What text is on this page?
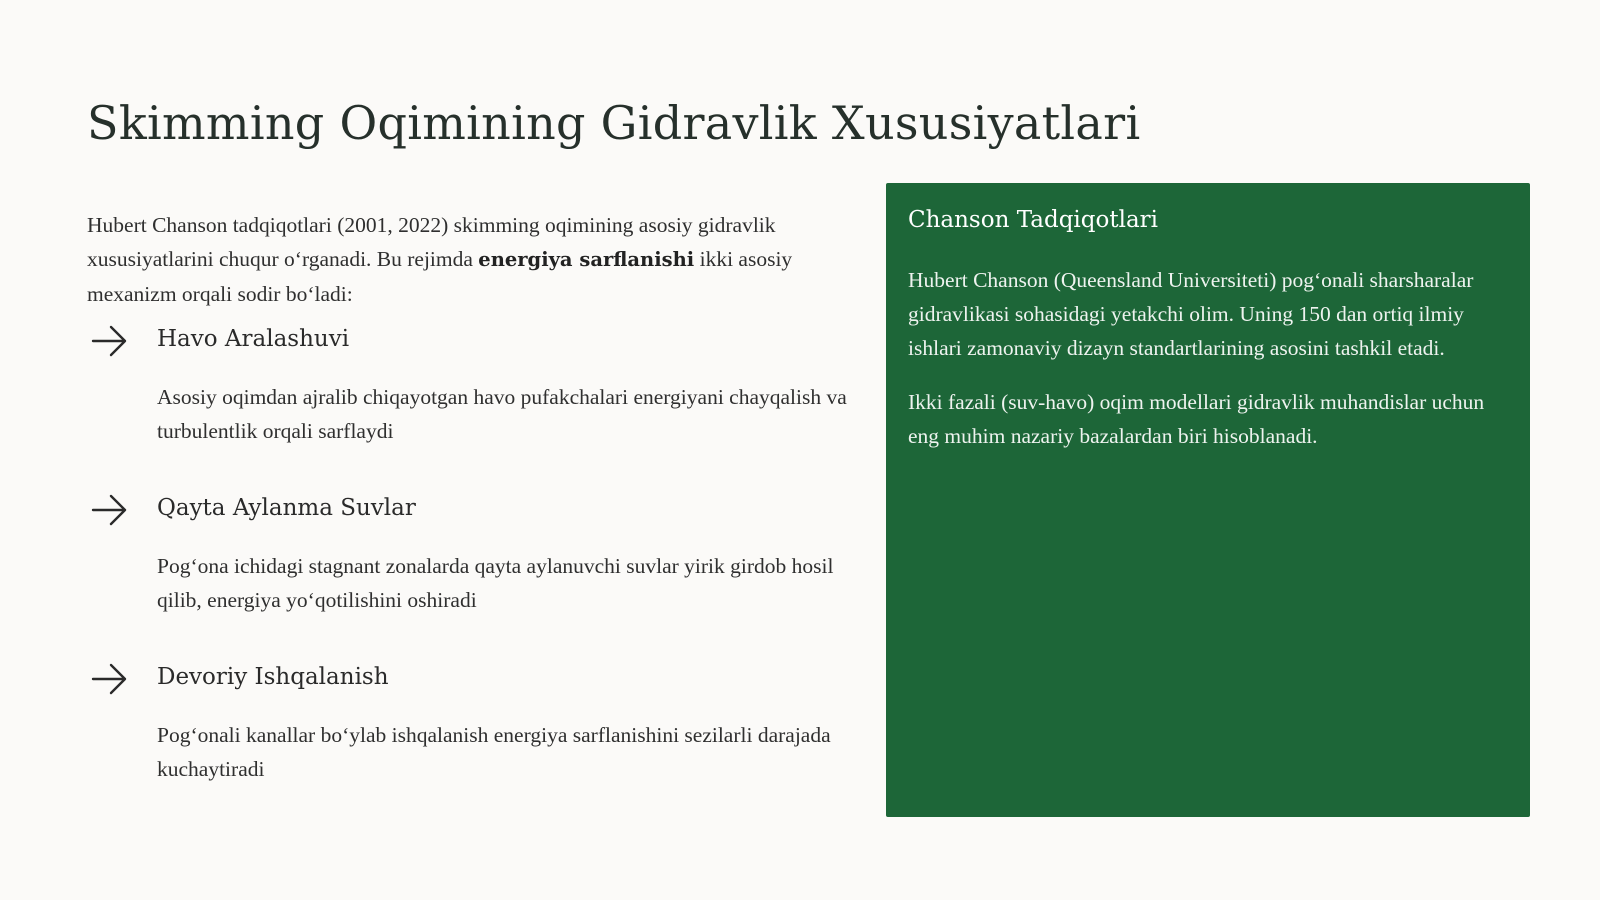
Skimming Oqimining Gidravlik Xususiyatlari

Hubert Chanson tadqiqotlari (2001, 2022) skimming oqimining asosiy gidravlik xususiyatlarini chuqur o‘rganadi. Bu rejimda energiya sarflanishi ikki asosiy mexanizm orqali sodir bo‘ladi:

Havo Aralashuvi

Asosiy oqimdan ajralib chiqayotgan havo pufakchalari energiyani chayqalish va turbulentlik orqali sarflaydi

Qayta Aylanma Suvlar

Pog‘ona ichidagi stagnant zonalarda qayta aylanuvchi suvlar yirik girdob hosil qilib, energiya yo‘qotilishini oshiradi

Devoriy Ishqalanish

Pog‘onali kanallar bo‘ylab ishqalanish energiya sarflanishini sezilarli darajada kuchaytiradi

Chanson Tadqiqotlari

Hubert Chanson (Queensland Universiteti) pog‘onali sharsharalar gidravlikasi sohasidagi yetakchi olim. Uning 150 dan ortiq ilmiy ishlari zamonaviy dizayn standartlarining asosini tashkil etadi.

Ikki fazali (suv-havo) oqim modellari gidravlik muhandislar uchun eng muhim nazariy bazalardan biri hisoblanadi.
